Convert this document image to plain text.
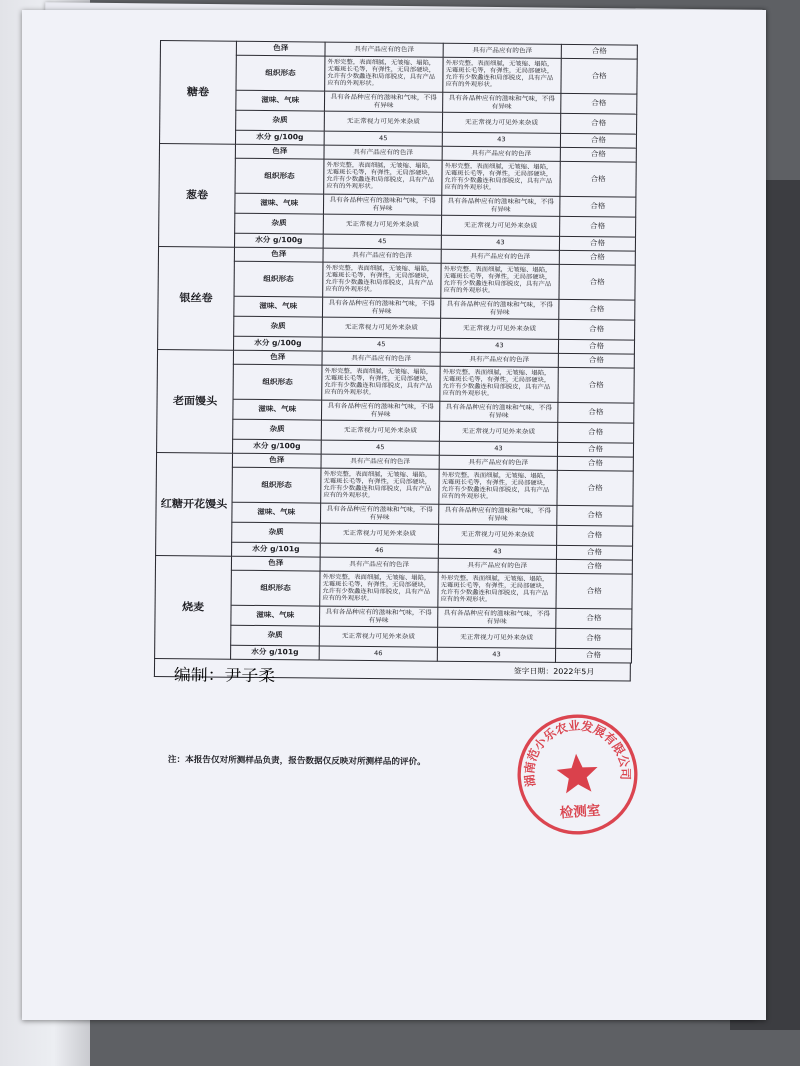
糖卷	色泽	具有产品应有的色泽	具有产品应有的色泽	合格
	组织形态	外形完整，表面细腻，无皱缩、塌陷，无霉斑长毛等，有弹性，无局部硬块，允许有少数蠡连和局部脱皮，具有产品应有的外观形状。	外形完整，表面细腻，无皱缩、塌陷，无霉斑长毛等，有弹性，无局部硬块，允许有少数蠡连和局部脱皮，具有产品应有的外观形状。	合格
	滋味、气味	具有各品种应有的滋味和气味，不得有异味	具有各品种应有的滋味和气味，不得有异味	合格
	杂质	无正常视力可见外来杂质	无正常视力可见外来杂质	合格
	水分 g/100g	45	43	合格
葱卷	色泽	具有产品应有的色泽	具有产品应有的色泽	合格
	组织形态	外形完整，表面细腻，无皱缩、塌陷，无霉斑长毛等，有弹性，无局部硬块，允许有少数蠡连和局部脱皮，具有产品应有的外观形状。	外形完整，表面细腻，无皱缩、塌陷，无霉斑长毛等，有弹性，无局部硬块，允许有少数蠡连和局部脱皮，具有产品应有的外观形状。	合格
	滋味、气味	具有各品种应有的滋味和气味，不得有异味	具有各品种应有的滋味和气味，不得有异味	合格
	杂质	无正常视力可见外来杂质	无正常视力可见外来杂质	合格
	水分 g/100g	45	43	合格
银丝卷	色泽	具有产品应有的色泽	具有产品应有的色泽	合格
	组织形态	外形完整，表面细腻，无皱缩、塌陷，无霉斑长毛等，有弹性，无局部硬块，允许有少数蠡连和局部脱皮，具有产品应有的外观形状。	外形完整，表面细腻，无皱缩、塌陷，无霉斑长毛等，有弹性，无局部硬块，允许有少数蠡连和局部脱皮，具有产品应有的外观形状。	合格
	滋味、气味	具有各品种应有的滋味和气味，不得有异味	具有各品种应有的滋味和气味，不得有异味	合格
	杂质	无正常视力可见外来杂质	无正常视力可见外来杂质	合格
	水分 g/100g	45	43	合格
老面馒头	色泽	具有产品应有的色泽	具有产品应有的色泽	合格
	组织形态	外形完整，表面细腻，无皱缩、塌陷，无霉斑长毛等，有弹性，无局部硬块，允许有少数蠡连和局部脱皮，具有产品应有的外观形状。	外形完整，表面细腻，无皱缩、塌陷，无霉斑长毛等，有弹性，无局部硬块，允许有少数蠡连和局部脱皮，具有产品应有的外观形状。	合格
	滋味、气味	具有各品种应有的滋味和气味，不得有异味	具有各品种应有的滋味和气味，不得有异味	合格
	杂质	无正常视力可见外来杂质	无正常视力可见外来杂质	合格
	水分 g/100g	45	43	合格
红糖开花馒头	色泽	具有产品应有的色泽	具有产品应有的色泽	合格
	组织形态	外形完整，表面细腻，无皱缩、塌陷，无霉斑长毛等，有弹性，无局部硬块，允许有少数蠡连和局部脱皮，具有产品应有的外观形状。	外形完整，表面细腻，无皱缩、塌陷，无霉斑长毛等，有弹性，无局部硬块，允许有少数蠡连和局部脱皮，具有产品应有的外观形状。	合格
	滋味、气味	具有各品种应有的滋味和气味，不得有异味	具有各品种应有的滋味和气味，不得有异味	合格
	杂质	无正常视力可见外来杂质	无正常视力可见外来杂质	合格
	水分 g/101g	46	43	合格
烧麦	色泽	具有产品应有的色泽	具有产品应有的色泽	合格
	组织形态	外形完整，表面细腻，无皱缩、塌陷，无霉斑长毛等，有弹性，无局部硬块，允许有少数蠡连和局部脱皮，具有产品应有的外观形状。	外形完整，表面细腻，无皱缩、塌陷，无霉斑长毛等，有弹性，无局部硬块，允许有少数蠡连和局部脱皮，具有产品应有的外观形状。	合格
	滋味、气味	具有各品种应有的滋味和气味，不得有异味	具有各品种应有的滋味和气味，不得有异味	合格
	杂质	无正常视力可见外来杂质	无正常视力可见外来杂质	合格
	水分 g/101g	46	43	合格
编制：尹子柔	签字日期：2022年5月
注：本报告仅对所测样品负责，报告数据仅反映对所测样品的评价。
湖南范小乐农业发展有限公司
检测室
